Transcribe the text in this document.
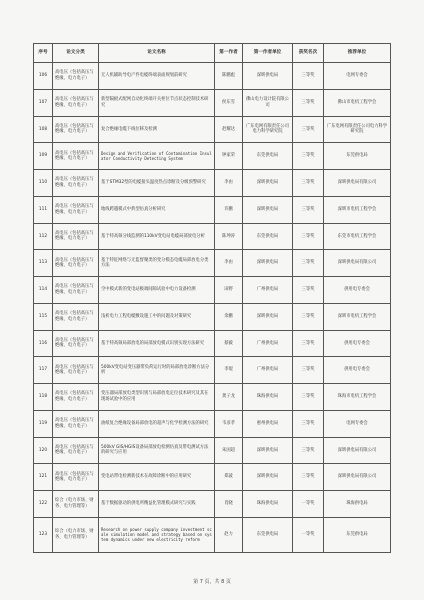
序号	论文分类	论文名称	第一作者	第一作者单位	获奖名次	推荐单位
106	高电压（包括高压与绝缘、电力电子）	无人机辅助导电产件电缆终端表面规划前研究	陈鹏彪	深圳供电局	三等奖	电网专委会
107	高电压（包括高压与绝缘、电力电子）	新型隔板式配网自动化终端开关柜位节点状态控制技术研究	侯东雪	佛山电力设计院有限公司	三等奖	佛山市电机工程学会
108	高电压（包括高压与绝缘、电力电子）	复合绝缘电缆下线位移及检测	赵耀达	广东电网有限责任公司电力科学研究院	三等奖	广东电网有限责任公司电力科学研究院
109	高电压（包括高压与绝缘、电力电子）	Design and Verification of Contamination Insulator Conductivity Detecting System	钟家荣	东莞供电局	三等奖	东莞供电局
110	高电压（包括高压与绝缘、电力电子）	基于STM32型的电缆接头温度热点诊断及分级预警研究	李由	深圳供电局	三等奖	深圳供电局有限公司
111	高电压（包括高压与绝缘、电力电子）	地线跨越模式中典型仿真分析研究	许鹏	深圳供电局	三等奖	深圳市电机工程学会
112	高电压（包括高压与绝缘、电力电子）	基于特高频分线监测的110kV变电站电缆局部放电分析	陈坤涛	东莞供电局	三等奖	东莞市电机工程学会
113	高电压（包括高压与绝缘、电力电子）	基于特征网络与无监督聚类的变分模态电缆局部放电分类方法	李由	深圳供电局	三等奖	深圳供电局有限公司
114	高电压（包括高压与绝缘、电力电子）	空中模式新的变电站极端间隙试验中电力设备检测	田野	广州供电局	三等奖	供用电专委会
115	高电压（包括高压与绝缘、电力电子）	浅析电力工程电缆敷设施工中的问题及对策研究	余鹏	深圳供电局	三等奖	深圳市电机工程学会
116	高电压（包括高压与绝缘、电力电子）	基于特高频局部放电的局部放电模式识别实现方法研究	蔡毅	广州供电局	三等奖	供用电专委会
117	高电压（包括高压与绝缘、电力电子）	500kV变电站变压器带负荷运行时的局部放电诊断方法分析	李琨	广州供电局	三等奖	供用电专委会
118	高电压（包括高压与绝缘、电力电子）	变压器局部放电类型识别与局部放电定位技术研究及其在现场试验中的应用	龚子龙	珠海供电局	三等奖	珠海市电机工程学会
119	高电压（包括高压与绝缘、电力电子）	油纸复合绝缘设备局部放电的超声与化学检测方法的研究	韦彦孝	惠州供电局	三等奖	电网专委会
120	高电压（包括高压与绝缘、电力电子）	500kV GIS/HGIS设备局部放电检测仿真及带电测试方法的研究与应用	朱国超	深圳供电局	三等奖	深圳供电局有限公司
121	高电压（包括高压与绝缘、电力电子）	变电站带电检测新技术在故障诊断中的应用研究	郑波	深圳供电局	三等奖	深圳供电局有限公司
122	综合（电力市场、财务、电力管理等）	基于数据驱动的供电所精益化管理模式研究与实践	肖晓	珠海供电局	一等奖	珠海供电局
123	综合（电力市场、财务、电力管理等）	Research on power supply company investment scale simulation model and strategy based on system dynamics under new electricity reform	赵力	东莞供电局	一等奖	东莞供电局
第 7 页，共 8 页
